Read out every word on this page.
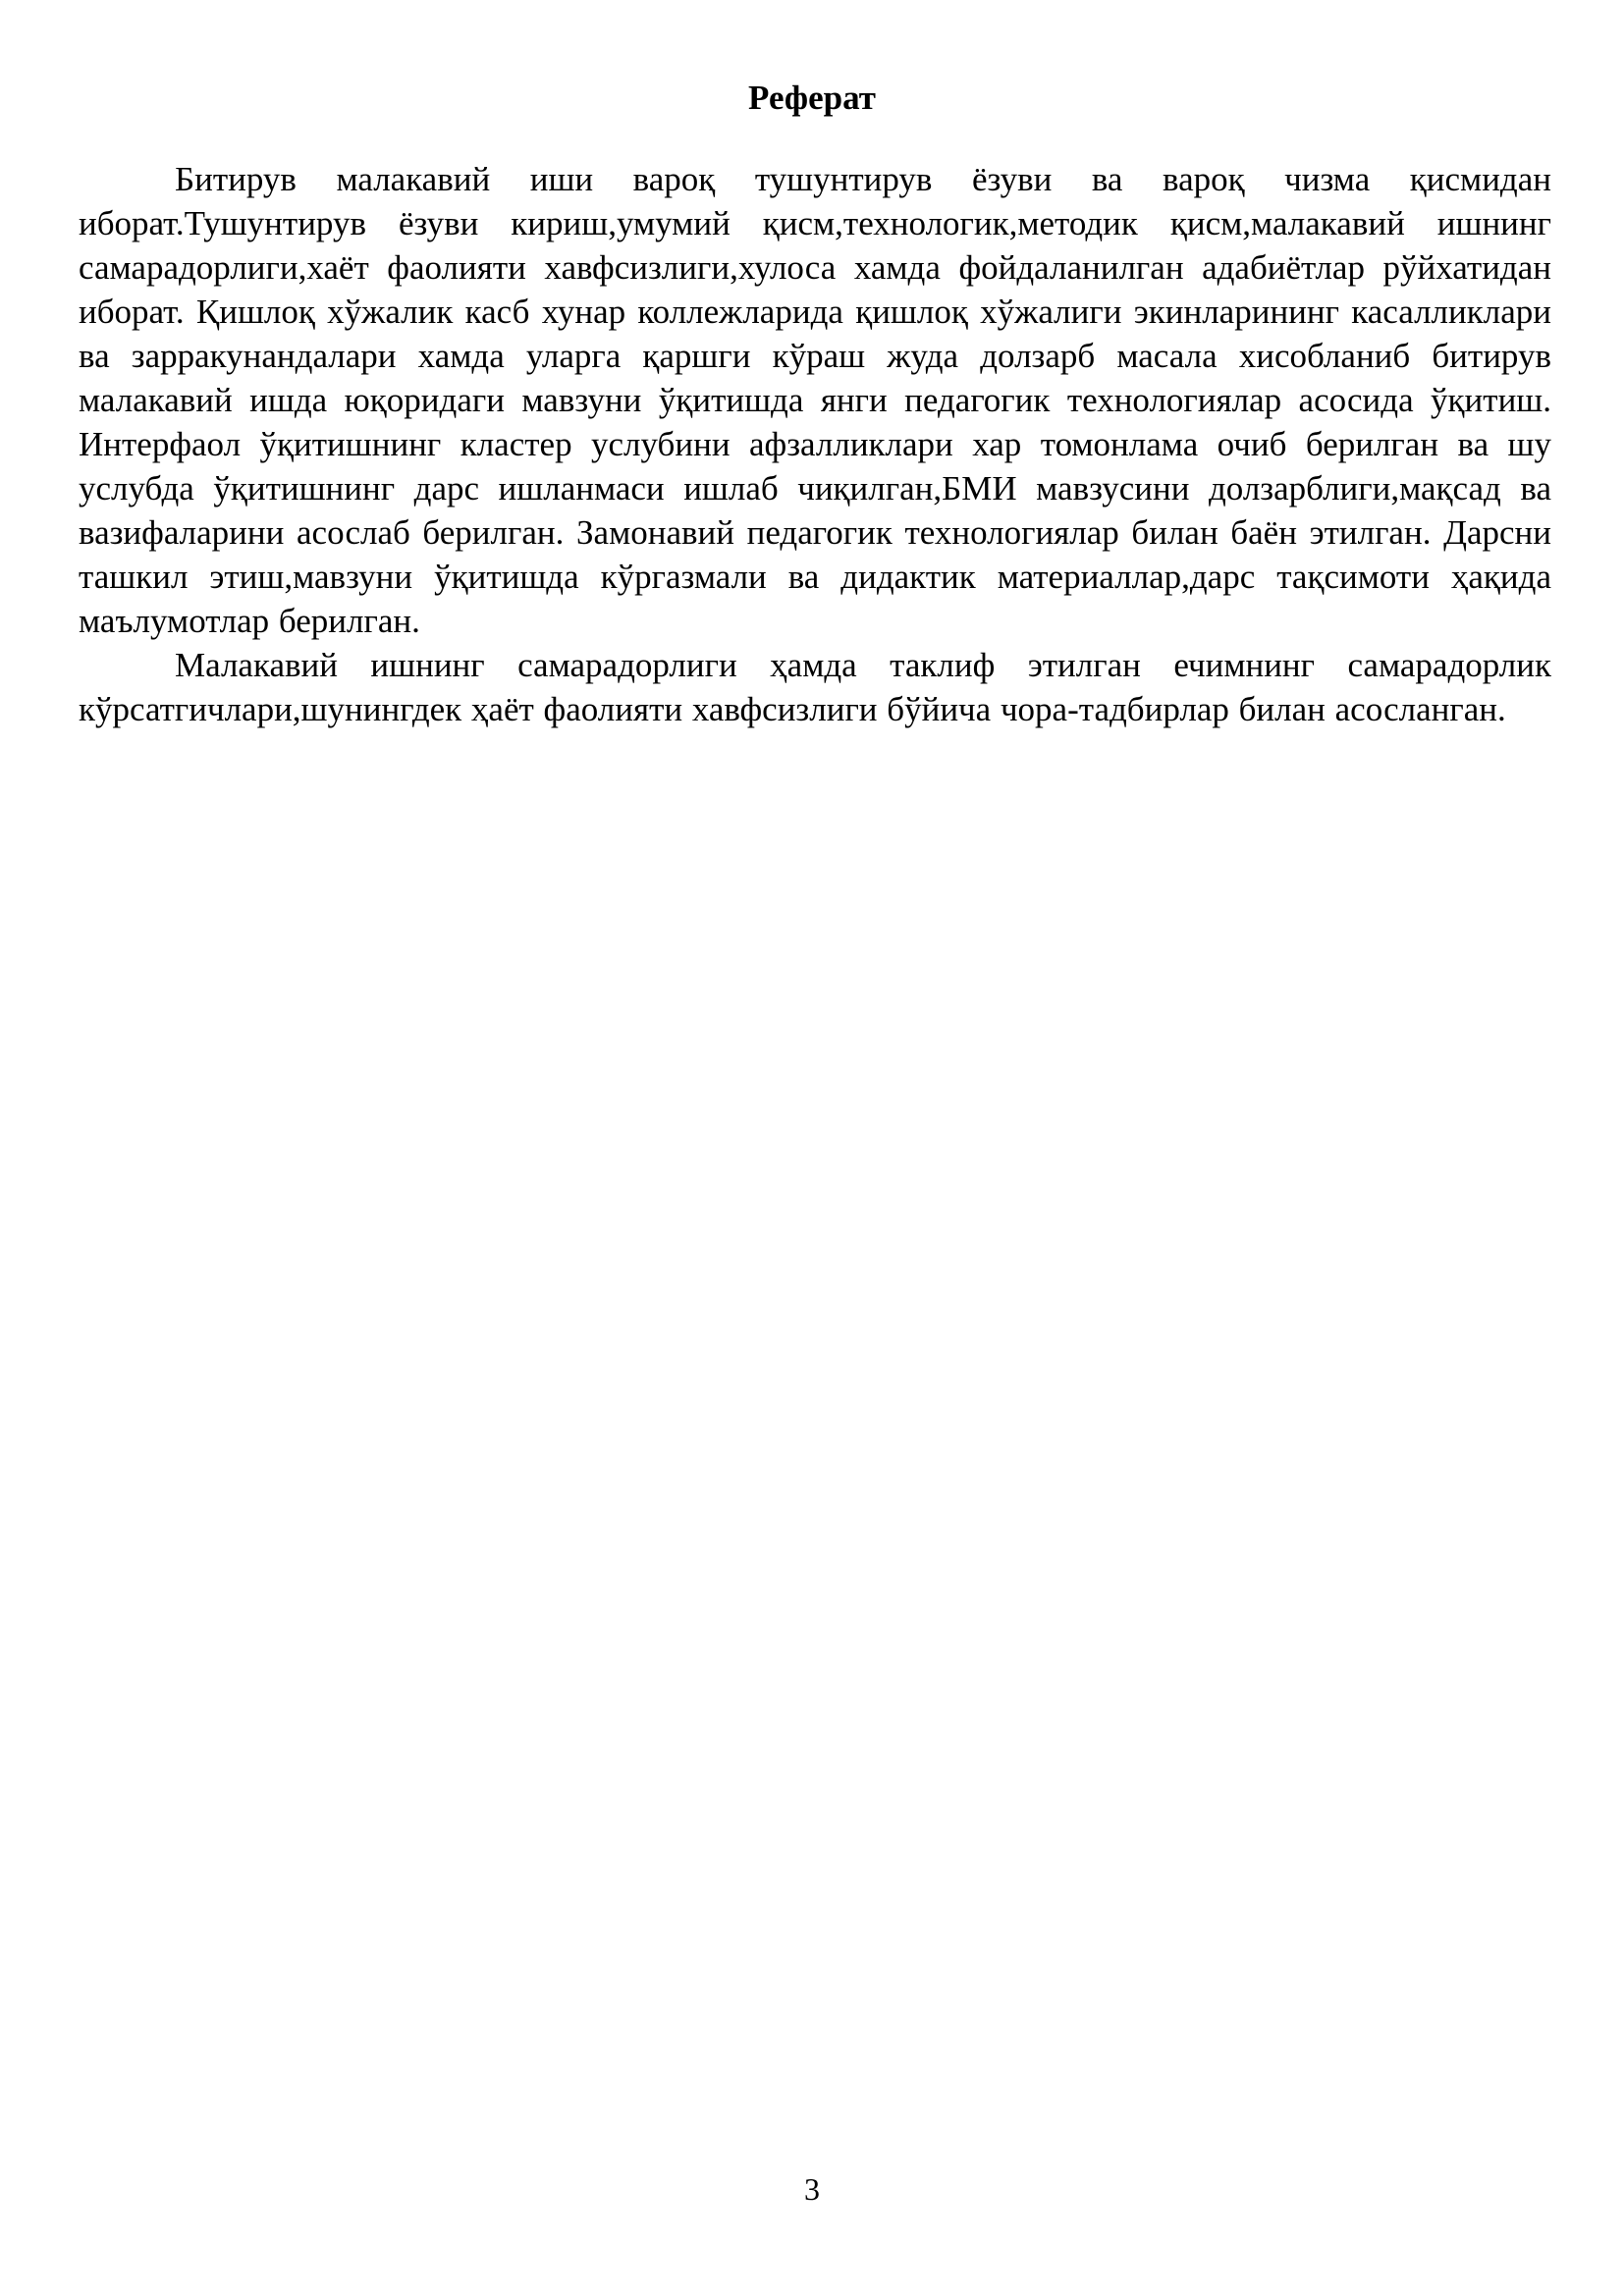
Реферат

Битирув малакавий иши вароқ тушунтирув ёзуви ва вароқ чизма қисмидан иборат.Тушунтирув ёзуви кириш,умумий қисм,технологик,методик қисм,малакавий ишнинг самарадорлиги,хаёт фаолияти хавфсизлиги,хулоса хамда фойдаланилган адабиётлар рўйхатидан иборат. Қишлоқ хўжалик касб хунар коллежларида қишлоқ хўжалиги экинларининг касалликлари ва зарракунандалари хамда уларга қаршги кўраш жуда долзарб масала хисобланиб битирув малакавий ишда юқоридаги мавзуни ўқитишда янги педагогик технологиялар асосида ўқитиш. Интерфаол ўқитишнинг кластер услубини афзалликлари хар томонлама очиб берилган ва шу услубда ўқитишнинг дарс ишланмаси ишлаб чиқилган,БМИ мавзусини долзарблиги,мақсад ва вазифаларини асослаб берилган. Замонавий педагогик технологиялар билан баён этилган. Дарсни ташкил этиш,мавзуни ўқитишда кўргазмали ва дидактик материаллар,дарс тақсимоти ҳақида маълумотлар берилган.

Малакавий ишнинг самарадорлиги ҳамда таклиф этилган ечимнинг самарадорлик кўрсатгичлари,шунингдек ҳаёт фаолияти хавфсизлиги бўйича чора-тадбирлар билан асосланган.

3
